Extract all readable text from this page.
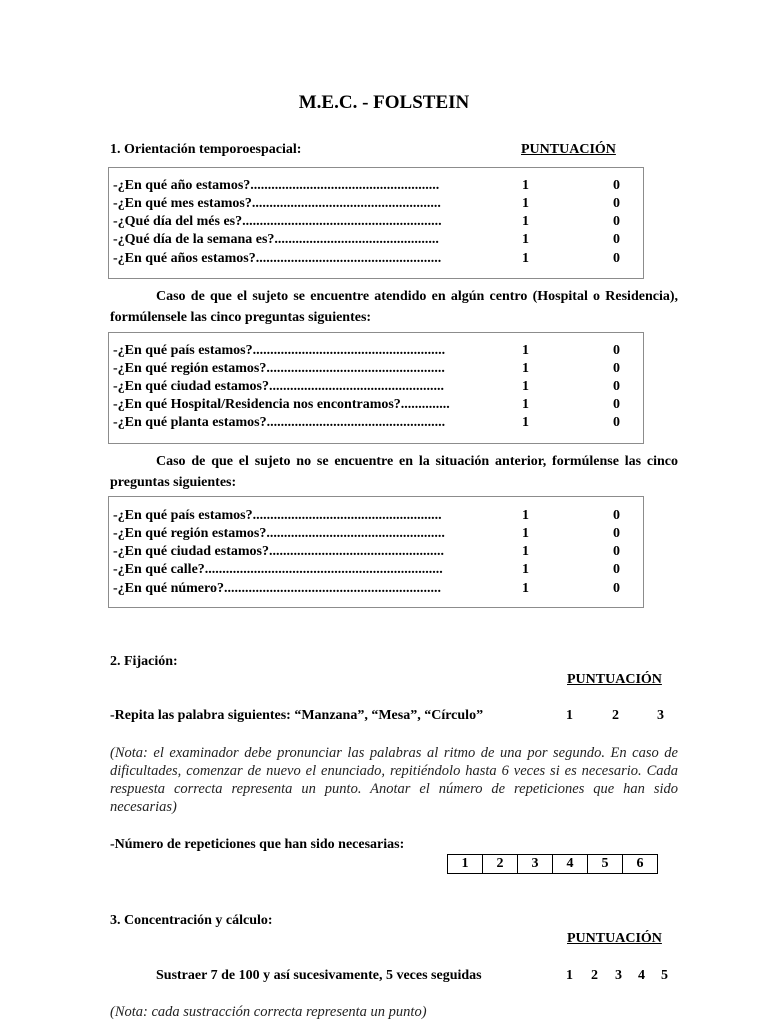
M.E.C. - FOLSTEIN
1. Orientación temporoespacial:	PUNTUACIÓN
-¿En qué año estamos?......................................................	1	0
-¿En qué mes estamos?......................................................	1	0
-¿Qué día del més es?.........................................................	1	0
-¿Qué día de la semana es?...............................................	1	0
-¿En qué años estamos?.....................................................	1	0
Caso de que el sujeto se encuentre atendido en algún centro (Hospital o Residencia), formúlensele las cinco preguntas siguientes:
-¿En qué país estamos?.......................................................	1	0
-¿En qué región estamos?...................................................	1	0
-¿En qué ciudad estamos?..................................................	1	0
-¿En qué Hospital/Residencia nos encontramos?..............	1	0
-¿En qué planta estamos?...................................................	1	0
Caso de que el sujeto no se encuentre en la situación anterior, formúlense las cinco preguntas siguientes:
-¿En qué país estamos?......................................................	1	0
-¿En qué región estamos?...................................................	1	0
-¿En qué ciudad estamos?..................................................	1	0
-¿En qué calle?....................................................................	1	0
-¿En qué número?..............................................................	1	0
2. Fijación:
PUNTUACIÓN
-Repita las palabra siguientes: “Manzana”, “Mesa”, “Círculo”	1	2	3
(Nota: el examinador debe pronunciar las palabras al ritmo de una por segundo. En caso de dificultades, comenzar de nuevo el enunciado, repitiéndolo hasta 6 veces si es necesario. Cada respuesta correcta representa un punto. Anotar el número de repeticiones que han sido necesarias)
-Número de repeticiones que han sido necesarias:
1	2	3	4	5	6
3. Concentración y cálculo:
PUNTUACIÓN
Sustraer 7 de 100 y así sucesivamente, 5 veces seguidas	1 2 3 4 5
(Nota: cada sustracción correcta representa un punto)
